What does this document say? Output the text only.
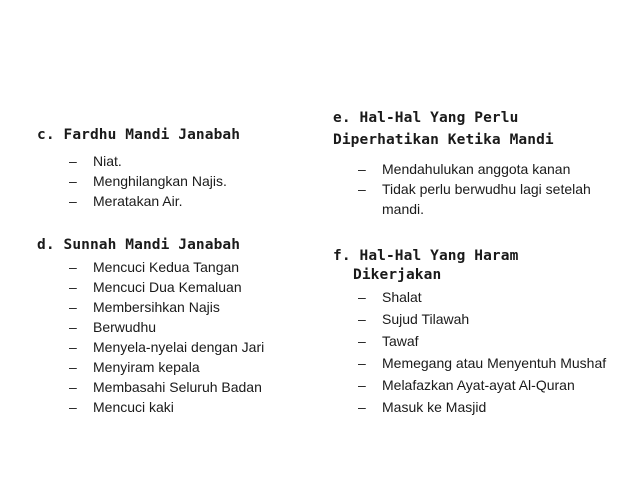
c. Fardhu Mandi Janabah
– Niat.
– Menghilangkan Najis.
– Meratakan Air.
d. Sunnah Mandi Janabah
– Mencuci Kedua Tangan
– Mencuci Dua Kemaluan
– Membersihkan Najis
– Berwudhu
– Menyela-nyelai dengan Jari
– Menyiram kepala
– Membasahi Seluruh Badan
– Mencuci kaki
e. Hal-Hal Yang Perlu
Diperhatikan Ketika Mandi
– Mendahulukan anggota kanan
– Tidak perlu berwudhu lagi setelah mandi.
f. Hal-Hal Yang Haram
Dikerjakan
– Shalat
– Sujud Tilawah
– Tawaf
– Memegang atau Menyentuh Mushaf
– Melafazkan Ayat-ayat Al-Quran
– Masuk ke Masjid
